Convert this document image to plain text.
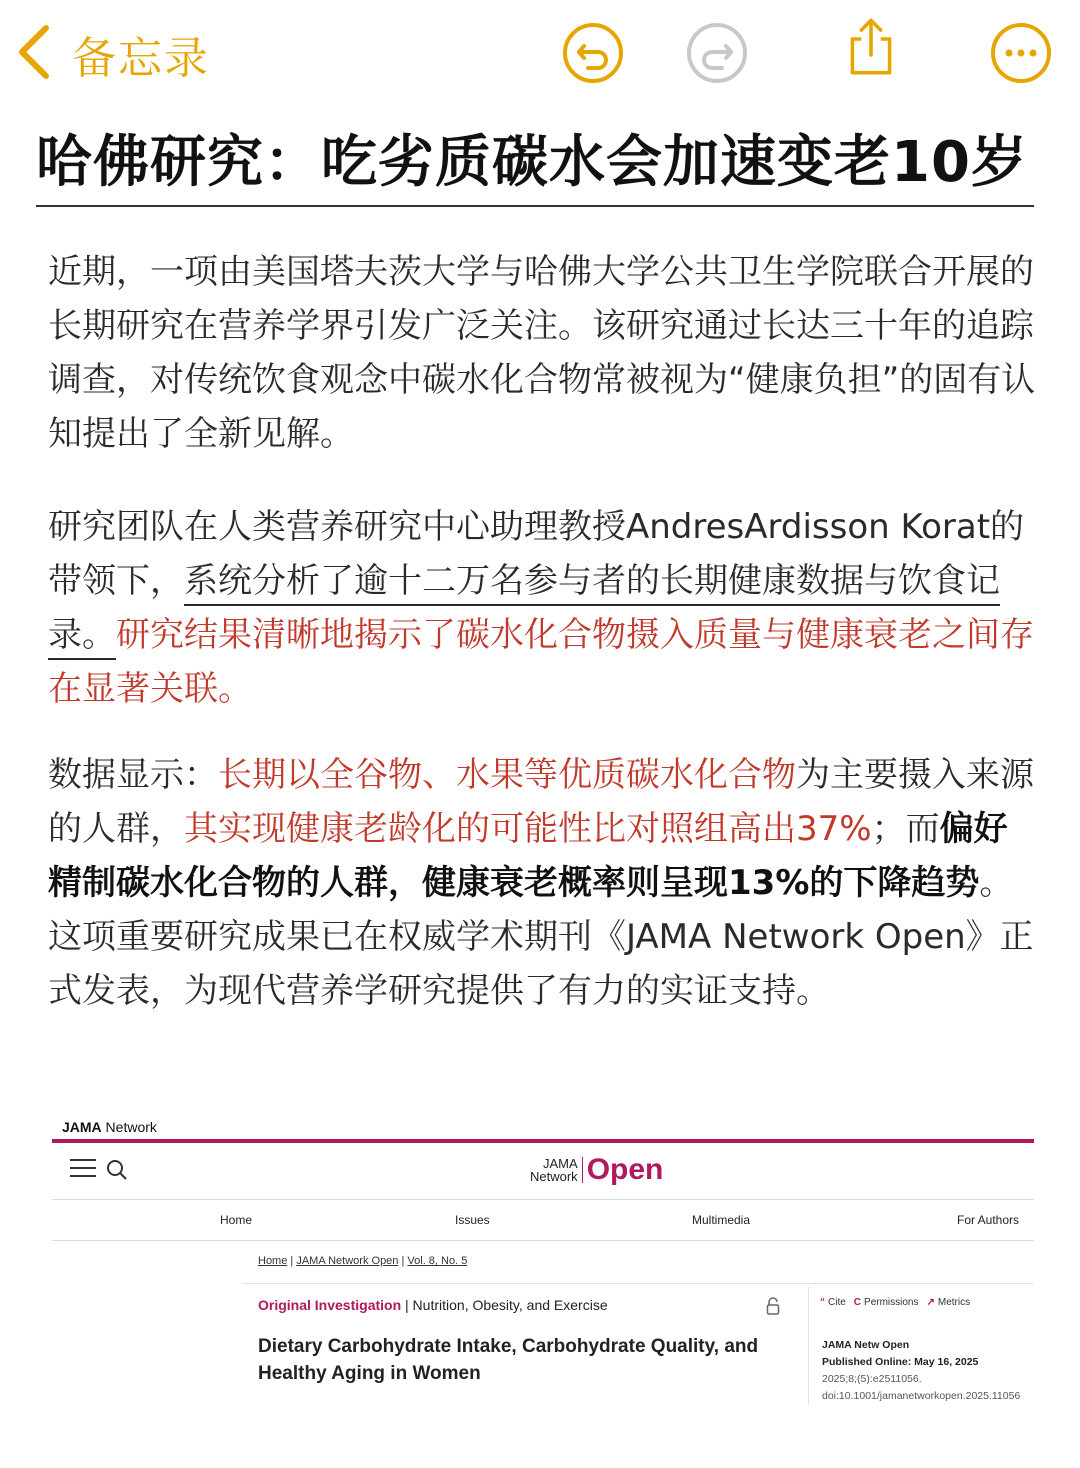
备忘录
哈佛研究：吃劣质碳水会加速变老10岁
近期，一项由美国塔夫茨大学与哈佛大学公共卫生学院联合开展的长期研究在营养学界引发广泛关注。该研究通过长达三十年的追踪调查，对传统饮食观念中碳水化合物常被视为“健康负担”的固有认知提出了全新见解。
研究团队在人类营养研究中心助理教授AndresArdisson Korat的带领下，系统分析了逾十二万名参与者的长期健康数据与饮食记录。研究结果清晰地揭示了碳水化合物摄入质量与健康衰老之间存在显著关联。
数据显示：长期以全谷物、水果等优质碳水化合物为主要摄入来源的人群，其实现健康老龄化的可能性比对照组高出37%；而偏好精制碳水化合物的人群，健康衰老概率则呈现13%的下降趋势。这项重要研究成果已在权威学术期刊《JAMA Network Open》正式发表，为现代营养学研究提供了有力的实证支持。
JAMA Network
JAMA
Network Open
Home	Issues	Multimedia	For Authors
Home | JAMA Network Open | Vol. 8, No. 5
Original Investigation | Nutrition, Obesity, and Exercise
Dietary Carbohydrate Intake, Carbohydrate Quality, and Healthy Aging in Women
“ Cite C Permissions ↗ Metrics
JAMA Netw Open
Published Online: May 16, 2025
2025;8;(5):e2511056.
doi:10.1001/jamanetworkopen.2025.11056
